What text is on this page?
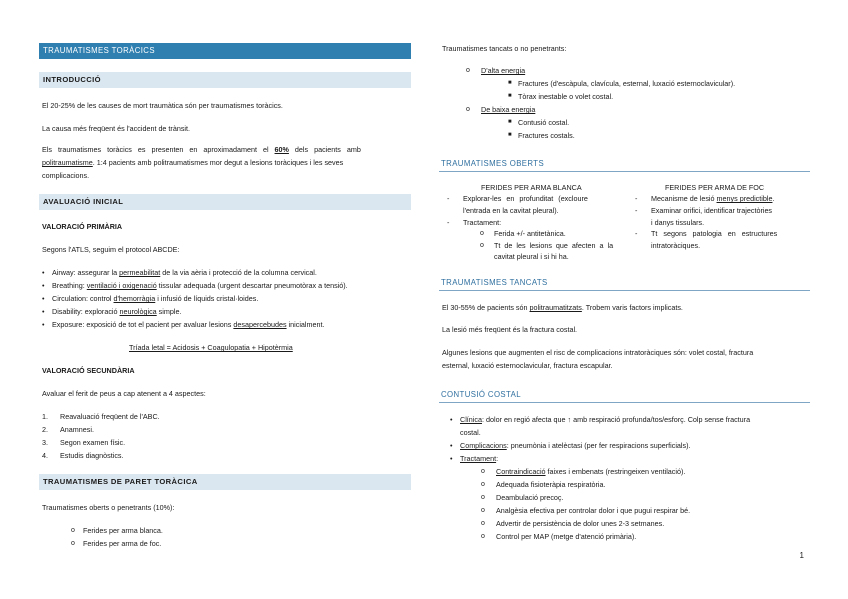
TRAUMATISMES TORÀCICS
INTRODUCCIÓ
El 20-25% de les causes de mort traumàtica són per traumatismes toràcics.
La causa més freqüent és l'accident de trànsit.
Els traumatismes toràcics es presenten en aproximadament el 60% dels pacients amb
politraumatisme. 1:4 pacients amb politraumatismes mor degut a lesions toràciques i les seves
complicacions.
AVALUACIÓ INICIAL
VALORACIÓ PRIMÀRIA
Segons l'ATLS, seguim el protocol ABCDE:
• Airway: assegurar la permeabilitat de la via aèria i protecció de la columna cervical.
• Breathing: ventilació i oxigenació tissular adequada (urgent descartar pneumotòrax a tensió).
• Circulation: control d'hemorràgia i infusió de líquids cristal·loides.
• Disability: exploració neurològica simple.
• Exposure: exposició de tot el pacient per avaluar lesions desapercebudes inicialment.
Tríada letal = Acidosis + Coagulopatia + Hipotèrmia
VALORACIÓ SECUNDÀRIA
Avaluar el ferit de peus a cap atenent a 4 aspectes:
1. Reavaluació freqüent de l'ABC.
2. Anamnesi.
3. Segon examen físic.
4. Estudis diagnòstics.
TRAUMATISMES DE PARET TORÀCICA
Traumatismes oberts o penetrants (10%):
o Ferides per arma blanca.
o Ferides per arma de foc.
Traumatismes tancats o no penetrants:
o D'alta energia
■ Fractures (d'escàpula, clavícula, esternal, luxació esternoclavicular).
■ Tòrax inestable o volet costal.
o De baixa energia
■ Contusió costal.
■ Fractures costals.
TRAUMATISMES OBERTS
FERIDES PER ARMA BLANCA	FERIDES PER ARMA DE FOC
- Explorar-les en profunditat (excloure
l'entrada en la cavitat pleural).
- Tractament:
o Ferida +/- antitetànica.
o Tt de les lesions que afecten a la
cavitat pleural i si hi ha.
- Mecanisme de lesió menys predictible.
- Examinar orifici, identificar trajectòries
i danys tissulars.
- Tt segons patologia en estructures
intratoràciques.
TRAUMATISMES TANCATS
El 30-55% de pacients són politraumatitzats. Trobem varis factors implicats.
La lesió més freqüent és la fractura costal.
Algunes lesions que augmenten el risc de complicacions intratoràciques són: volet costal, fractura
esternal, luxació esternoclavicular, fractura escapular.
CONTUSIÓ COSTAL
• Clínica: dolor en regió afecta que ↑ amb respiració profunda/tos/esforç. Colp sense fractura
costal.
• Complicacions: pneumònia i atelèctasi (per fer respiracions superficials).
• Tractament:
o Contraindicació faixes i embenats (restringeixen ventilació).
o Adequada fisioteràpia respiratòria.
o Deambulació precoç.
o Analgèsia efectiva per controlar dolor i que pugui respirar bé.
o Advertir de persistència de dolor unes 2-3 setmanes.
o Control per MAP (metge d'atenció primària).
1
